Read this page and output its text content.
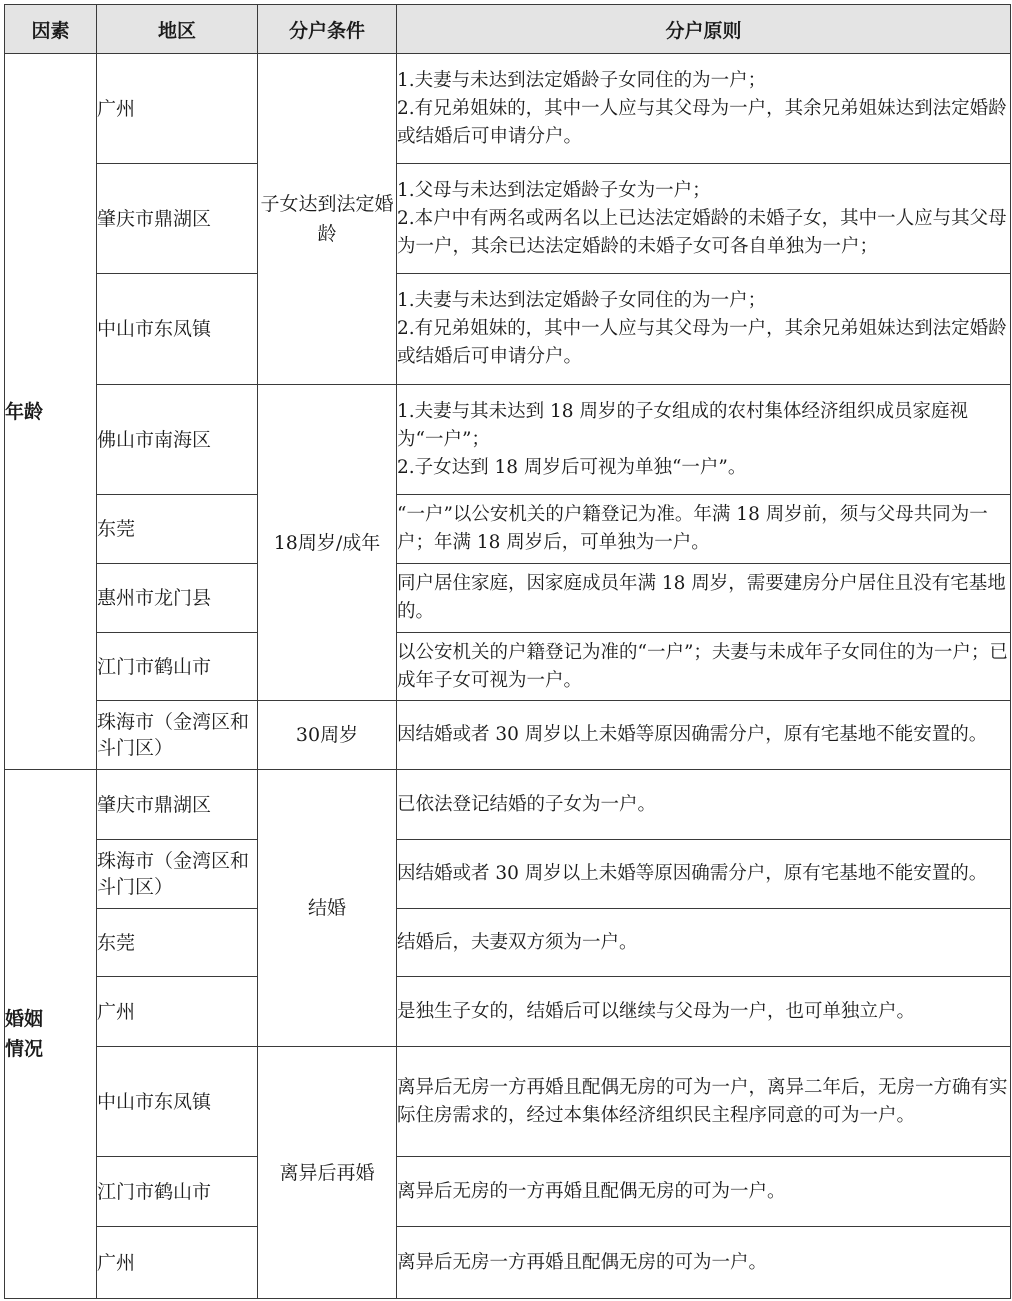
因素	地区	分户条件	分户原则
年龄	广州	子女达到法定婚龄	1.夫妻与未达到法定婚龄子女同住的为一户；
2.有兄弟姐妹的，其中一人应与其父母为一户，其余兄弟姐妹达到法定婚龄或结婚后可申请分户。

	肇庆市鼎湖区		1.父母与未达到法定婚龄子女为一户；
2.本户中有两名或两名以上已达法定婚龄的未婚子女，其中一人应与其父母为一户，其余已达法定婚龄的未婚子女可各自单独为一户；

	中山市东凤镇		1.夫妻与未达到法定婚龄子女同住的为一户；
2.有兄弟姐妹的，其中一人应与其父母为一户，其余兄弟姐妹达到法定婚龄或结婚后可申请分户。

	佛山市南海区	18周岁/成年	1.夫妻与其未达到 18 周岁的子女组成的农村集体经济组织成员家庭视为“一户”；
2.子女达到 18 周岁后可视为单独“一户”。

	东莞		“一户”以公安机关的户籍登记为准。年满 18 周岁前，须与父母共同为一户；年满 18 周岁后，可单独为一户。
	惠州市龙门县		同户居住家庭，因家庭成员年满 18 周岁，需要建房分户居住且没有宅基地的。
	江门市鹤山市		以公安机关的户籍登记为准的“一户”；夫妻与未成年子女同住的为一户；已成年子女可视为一户。
	珠海市（金湾区和斗门区）	30周岁	因结婚或者 30 周岁以上未婚等原因确需分户，原有宅基地不能安置的。

婚姻
情况	肇庆市鼎湖区	结婚	已依法登记结婚的子女为一户。
	珠海市（金湾区和斗门区）		因结婚或者 30 周岁以上未婚等原因确需分户，原有宅基地不能安置的。
	东莞		结婚后，夫妻双方须为一户。
	广州		是独生子女的，结婚后可以继续与父母为一户，也可单独立户。
	中山市东凤镇	离异后再婚	离异后无房一方再婚且配偶无房的可为一户，离异二年后，无房一方确有实际住房需求的，经过本集体经济组织民主程序同意的可为一户。
	江门市鹤山市		离异后无房的一方再婚且配偶无房的可为一户。
	广州		离异后无房一方再婚且配偶无房的可为一户。
